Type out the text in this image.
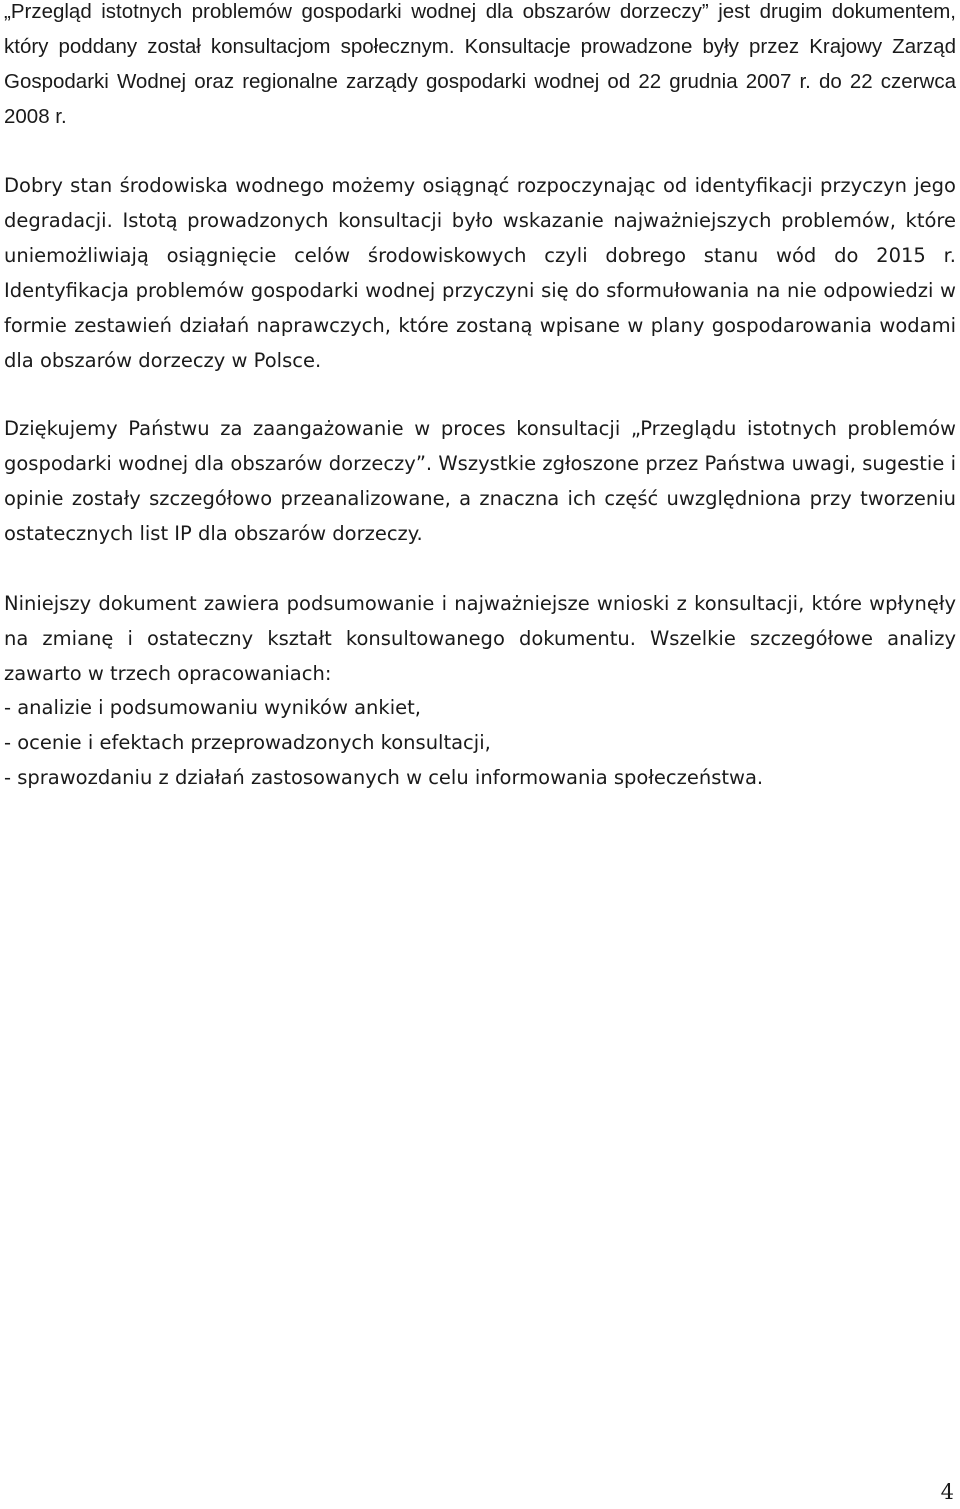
„Przegląd istotnych problemów gospodarki wodnej dla obszarów dorzeczy” jest drugim dokumentem, który poddany został konsultacjom społecznym. Konsultacje prowadzone były przez Krajowy Zarząd Gospodarki Wodnej oraz regionalne zarządy gospodarki wodnej od 22 grudnia 2007 r. do 22 czerwca 2008 r.

Dobry stan środowiska wodnego możemy osiągnąć rozpoczynając od identyfikacji przyczyn jego degradacji. Istotą prowadzonych konsultacji było wskazanie najważniejszych problemów, które uniemożliwiają osiągnięcie celów środowiskowych czyli dobrego stanu wód do 2015 r. Identyfikacja problemów gospodarki wodnej przyczyni się do sformułowania na nie odpowiedzi w formie zestawień działań naprawczych, które zostaną wpisane w plany gospodarowania wodami dla obszarów dorzeczy w Polsce.

Dziękujemy Państwu za zaangażowanie w proces konsultacji „Przeglądu istotnych problemów gospodarki wodnej dla obszarów dorzeczy”. Wszystkie zgłoszone przez Państwa uwagi, sugestie i opinie zostały szczegółowo przeanalizowane, a znaczna ich część uwzględniona przy tworzeniu ostatecznych list IP dla obszarów dorzeczy.

Niniejszy dokument zawiera podsumowanie i najważniejsze wnioski z konsultacji, które wpłynęły na zmianę i ostateczny kształt konsultowanego dokumentu. Wszelkie szczegółowe analizy zawarto w trzech opracowaniach:

- analizie i podsumowaniu wyników ankiet,
- ocenie i efektach przeprowadzonych konsultacji,
- sprawozdaniu z działań zastosowanych w celu informowania społeczeństwa.
4
